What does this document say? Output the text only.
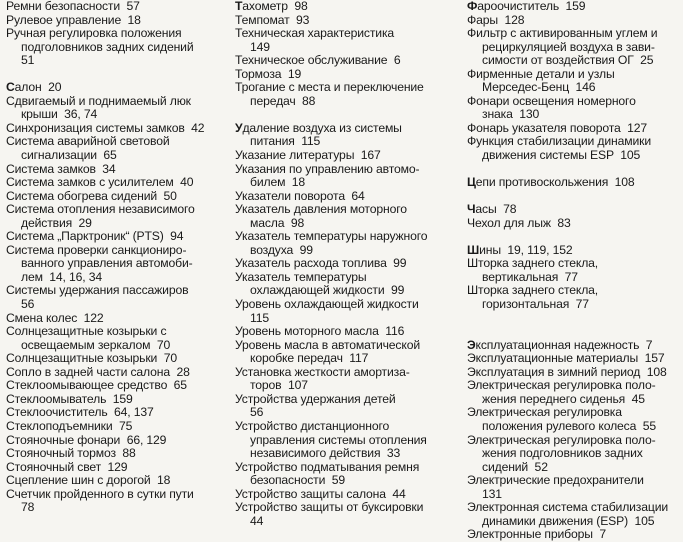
Ремни безопасности  57
Рулевое управление  18
Ручная регулировка положения
подголовников задних сидений
51
Салон  20
Сдвигаемый и поднимаемый люк
крыши  36, 74
Синхронизация системы замков  42
Система аварийной световой
сигнализации  65
Система замков  34
Система замков с усилителем  40
Система обогрева сидений  50
Система отопления независимого
действия  29
Система „Парктроник“ (PTS)  94
Система проверки санкциониро-
ванного управления автомоби-
лем  14, 16, 34
Системы удержания пассажиров
56
Смена колес  122
Солнцезащитные козырьки с
освещаемым зеркалом  70
Солнцезащитные козырьки  70
Сопло в задней части салона  28
Стеклоомывающее средство  65
Стеклоомыватель  159
Стеклоочиститель  64, 137
Стеклоподъемники  75
Стояночные фонари  66, 129
Стояночный тормоз  88
Стояночный свет  129
Сцепление шин с дорогой  18
Счетчик пройденного в сутки пути
78
Тахометр  98
Темпомат  93
Техническая характеристика
149
Техническое обслуживание  6
Тормоза  19
Трогание с места и переключение
передач  88
Удаление воздуха из системы
питания  115
Указание литературы  167
Указания по управлению автомо-
билем  18
Указатели поворота  64
Указатель давления моторного
масла  98
Указатель температуры наружного
воздуха  99
Указатель расхода топлива  99
Указатель температуры
охлаждающей жидкости  99
Уровень охлаждающей жидкости
115
Уровень моторного масла  116
Уровень масла в автоматической
коробке передач  117
Установка жесткости амортиза-
торов  107
Устройства удержания детей
56
Устройство дистанционного
управления системы отопления
независимого действия  33
Устройство подматывания ремня
безопасности  59
Устройство защиты салона  44
Устройство защиты от буксировки
44
Фароочиститель  159
Фары  128
Фильтр с активированным углем и
рециркуляцией воздуха в зави-
симости от воздействия ОГ  25
Фирменные детали и узлы
Мерседес-Бенц  146
Фонари освещения номерного
знака  130
Фонарь указателя поворота  127
Функция стабилизации динамики
движения системы ESP  105
Цепи противоскольжения  108
Часы  78
Чехол для лыж  83
Шины  19, 119, 152
Шторка заднего стекла,
вертикальная  77
Шторка заднего стекла,
горизонтальная  77
Эксплуатационная надежность  7
Эксплуатационные материалы  157
Эксплуатация в зимний период  108
Электрическая регулировка поло-
жения переднего сиденья  45
Электрическая регулировка
положения рулевого колеса  55
Электрическая регулировка поло-
жения подголовников задних
сидений  52
Электрические предохранители
131
Электронная система стабилизации
динамики движения (ESP)  105
Электронные приборы  7
